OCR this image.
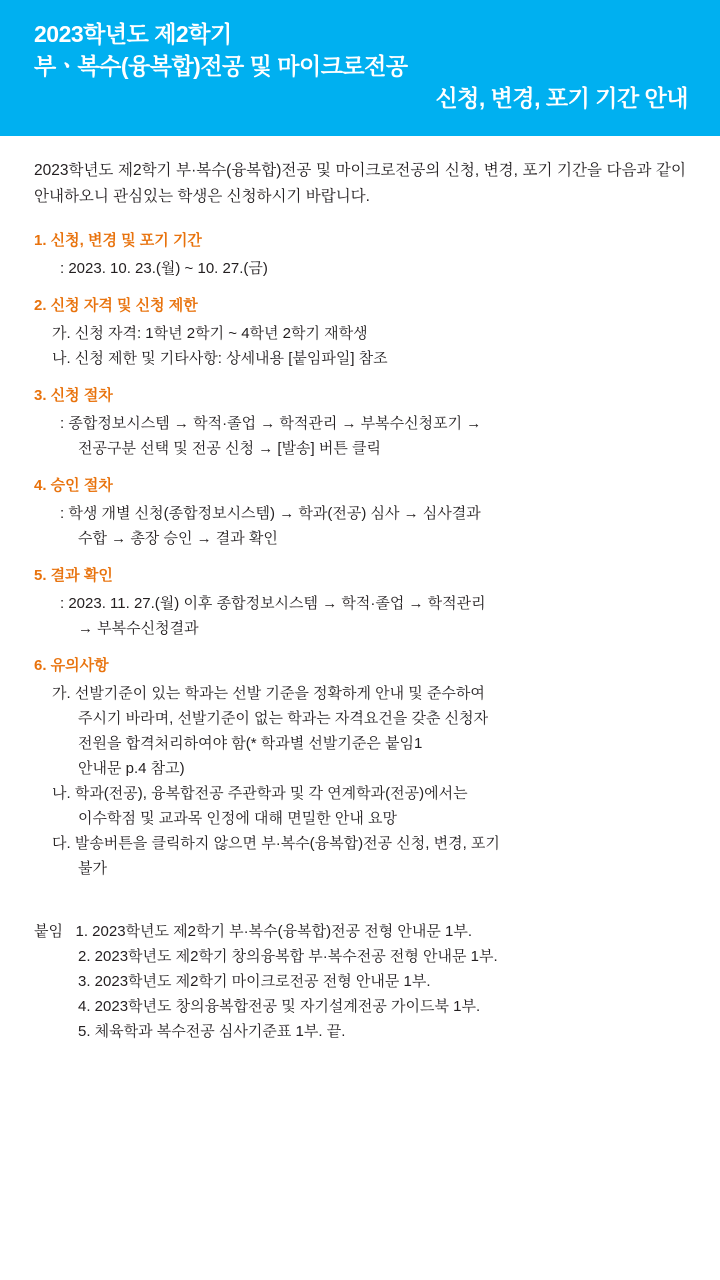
2023학년도 제2학기
부ㆍ복수(융복합)전공 및 마이크로전공
신청, 변경, 포기 기간 안내
2023학년도 제2학기 부·복수(융복합)전공 및 마이크로전공의 신청, 변경, 포기 기간을 다음과 같이 안내하오니 관심있는 학생은 신청하시기 바랍니다.
1. 신청, 변경 및 포기 기간
: 2023. 10. 23.(월) ~ 10. 27.(금)
2. 신청 자격 및 신청 제한
가. 신청 자격: 1학년 2학기 ~ 4학년 2학기 재학생
나. 신청 제한 및 기타사항: 상세내용 [붙임파일] 참조
3. 신청 절차
: 종합정보시스템 → 학적·졸업 → 학적관리 → 부복수신청포기 →
전공구분 선택 및 전공 신청 → [발송] 버튼 클릭
4. 승인 절차
: 학생 개별 신청(종합정보시스템) → 학과(전공) 심사 → 심사결과
수합 → 총장 승인 → 결과 확인
5. 결과 확인
: 2023. 11. 27.(월) 이후 종합정보시스템 → 학적·졸업 → 학적관리
→ 부복수신청결과
6. 유의사항
가. 선발기준이 있는 학과는 선발 기준을 정확하게 안내 및 준수하여
주시기 바라며, 선발기준이 없는 학과는 자격요건을 갖춘 신청자
전원을 합격처리하여야 함(* 학과별 선발기준은 붙임1
안내문 p.4 참고)
나. 학과(전공), 융복합전공 주관학과 및 각 연계학과(전공)에서는
이수학점 및 교과목 인정에 대해 면밀한 안내 요망
다. 발송버튼을 클릭하지 않으면 부·복수(융복합)전공 신청, 변경, 포기
불가
붙임 1. 2023학년도 제2학기 부·복수(융복합)전공 전형 안내문 1부.
2. 2023학년도 제2학기 창의융복합 부·복수전공 전형 안내문 1부.
3. 2023학년도 제2학기 마이크로전공 전형 안내문 1부.
4. 2023학년도 창의융복합전공 및 자기설계전공 가이드북 1부.
5. 체육학과 복수전공 심사기준표 1부. 끝.
